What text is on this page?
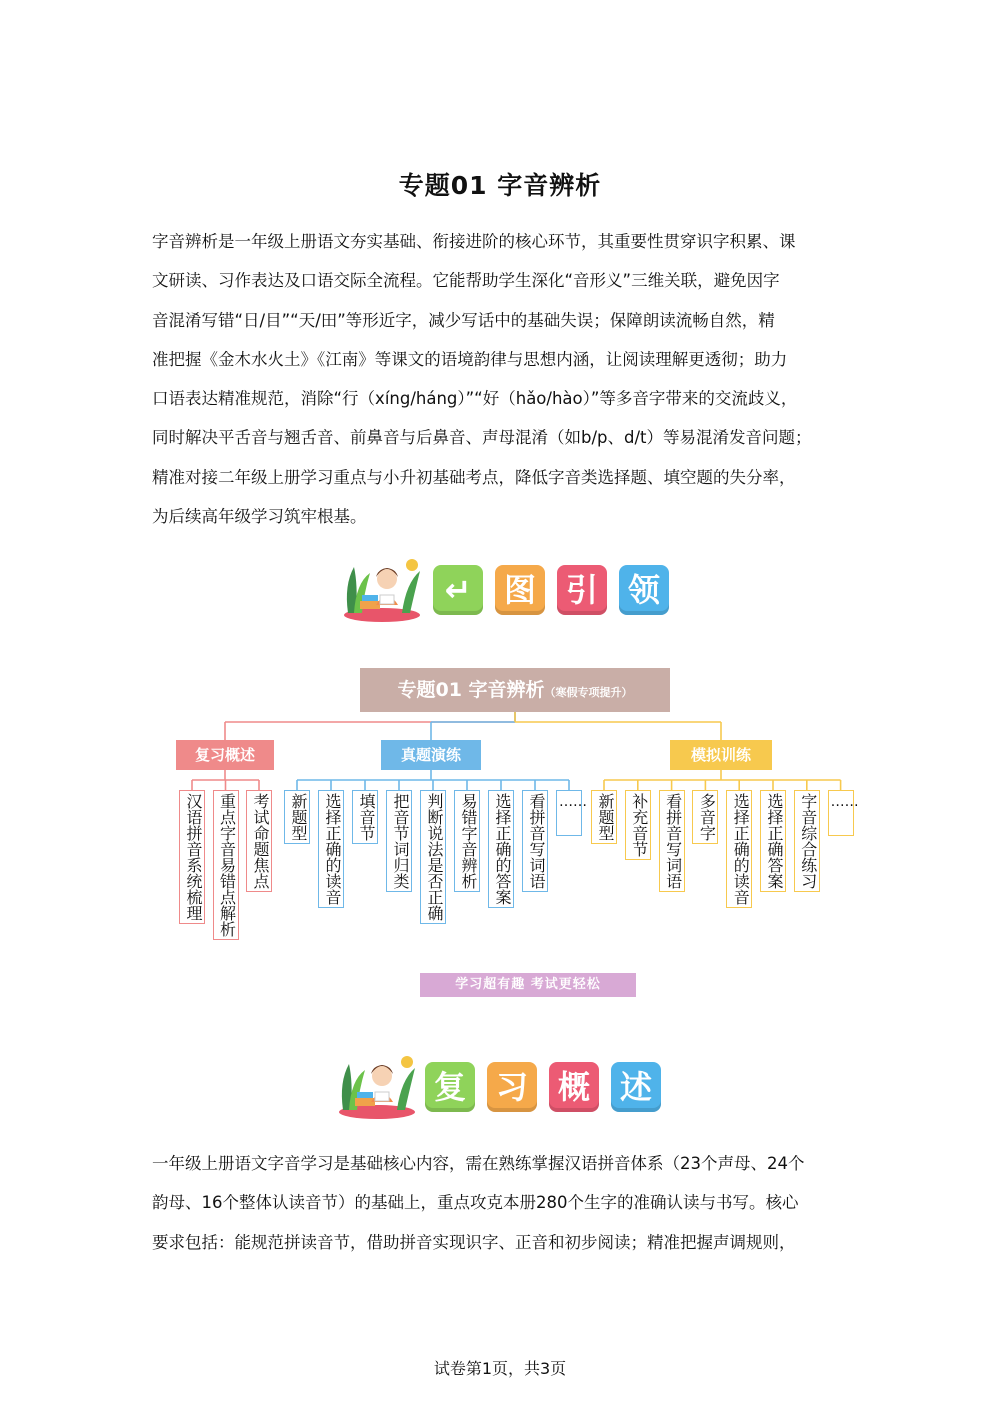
专题01 字音辨析
字音辨析是一年级上册语文夯实基础、衔接进阶的核心环节，其重要性贯穿识字积累、课
文研读、习作表达及口语交际全流程。它能帮助学生深化“音形义”三维关联，避免因字
音混淆写错“日/目”“天/田”等形近字，减少写话中的基础失误；保障朗读流畅自然，精
准把握《金木水火土》《江南》等课文的语境韵律与思想内涵，让阅读理解更透彻；助力
口语表达精准规范，消除“行（xíng/háng）”“好（hǎo/hào）”等多音字带来的交流歧义，
同时解决平舌音与翘舌音、前鼻音与后鼻音、声母混淆（如b/p、d/t）等易混淆发音问题；
精准对接二年级上册学习重点与小升初基础考点，降低字音类选择题、填空题的失分率，
为后续高年级学习筑牢根基。
↵	图 引 领
专题01 字音辨析（寒假专项提升）
复习概述
汉语拼音系统梳理 重点字音易错点解析 考试命题焦点
真题演练
新题型 选择正确的读音 填音节 把音节词归类 判断说法是否正确 易错字音辨析 选择正确的答案 看拼音写词语 ……
模拟训练
新题型 补充音节 看拼音写词语 多音字 选择正确的读音 选择正确答案 字音综合练习 ……
学习超有趣 考试更轻松
复 习 概 述
一年级上册语文字音学习是基础核心内容，需在熟练掌握汉语拼音体系（23个声母、24个
韵母、16个整体认读音节）的基础上，重点攻克本册280个生字的准确认读与书写。核心
要求包括：能规范拼读音节，借助拼音实现识字、正音和初步阅读；精准把握声调规则，
试卷第1页，共3页
